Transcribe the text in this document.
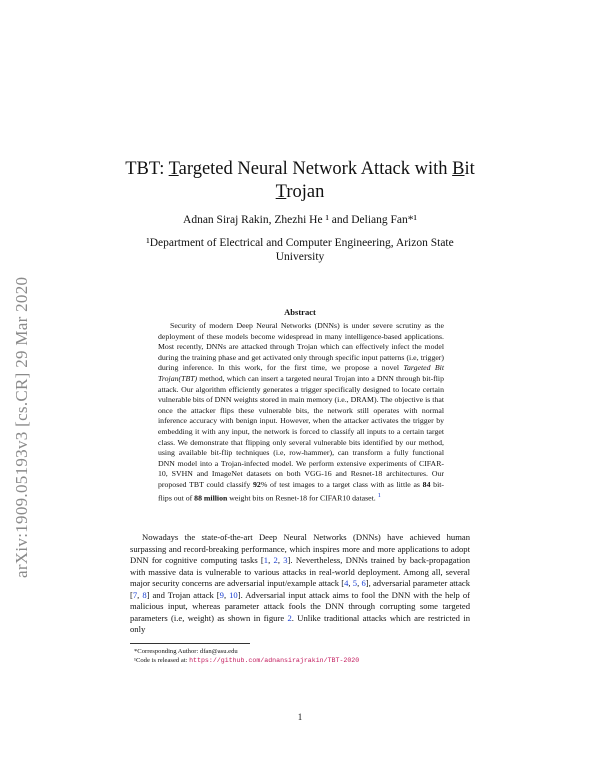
arXiv:1909.05193v3 [cs.CR] 29 Mar 2020
TBT: Targeted Neural Network Attack with Bit
Trojan
Adnan Siraj Rakin, Zhezhi He ¹ and Deliang Fan*¹
¹Department of Electrical and Computer Engineering, Arizon State University
Abstract

Security of modern Deep Neural Networks (DNNs) is under severe scrutiny as the deployment of these models become widespread in many intelligence-based applications. Most recently, DNNs are attacked through Trojan which can effectively infect the model during the training phase and get activated only through specific input patterns (i.e, trigger) during inference. In this work, for the first time, we propose a novel Targeted Bit Trojan(TBT) method, which can insert a targeted neural Trojan into a DNN through bit-flip attack. Our algorithm efficiently generates a trigger specifically designed to locate certain vulnerable bits of DNN weights stored in main memory (i.e., DRAM). The objective is that once the attacker flips these vulnerable bits, the network still operates with normal inference accuracy with benign input. However, when the attacker activates the trigger by embedding it with any input, the network is forced to classify all inputs to a certain target class. We demonstrate that flipping only several vulnerable bits identified by our method, using available bit-flip techniques (i.e, row-hammer), can transform a fully functional DNN model into a Trojan-infected model. We perform extensive experiments of CIFAR-10, SVHN and ImageNet datasets on both VGG-16 and Resnet-18 architectures. Our proposed TBT could classify 92% of test images to a target class with as little as 84 bit-flips out of 88 million weight bits on Resnet-18 for CIFAR10 dataset. $^1$

Nowadays the state-of-the-art Deep Neural Networks (DNNs) have achieved human surpassing and record-breaking performance, which inspires more and more applications to adopt DNN for cognitive computing tasks [1, 2, 3]. Nevertheless, DNNs trained by back-propagation with massive data is vulnerable to various attacks in real-world deployment. Among all, several major security concerns are adversarial input/example attack [4, 5, 6], adversarial parameter attack [7, 8] and Trojan attack [9, 10]. Adversarial input attack aims to fool the DNN with the help of malicious input, whereas parameter attack fools the DNN through corrupting some targeted parameters (i.e, weight) as shown in figure 2. Unlike traditional attacks which are restricted in only

*Corresponding Author: dfan@asu.edu
¹Code is released at: https://github.com/adnansirajrakin/TBT-2020
1
